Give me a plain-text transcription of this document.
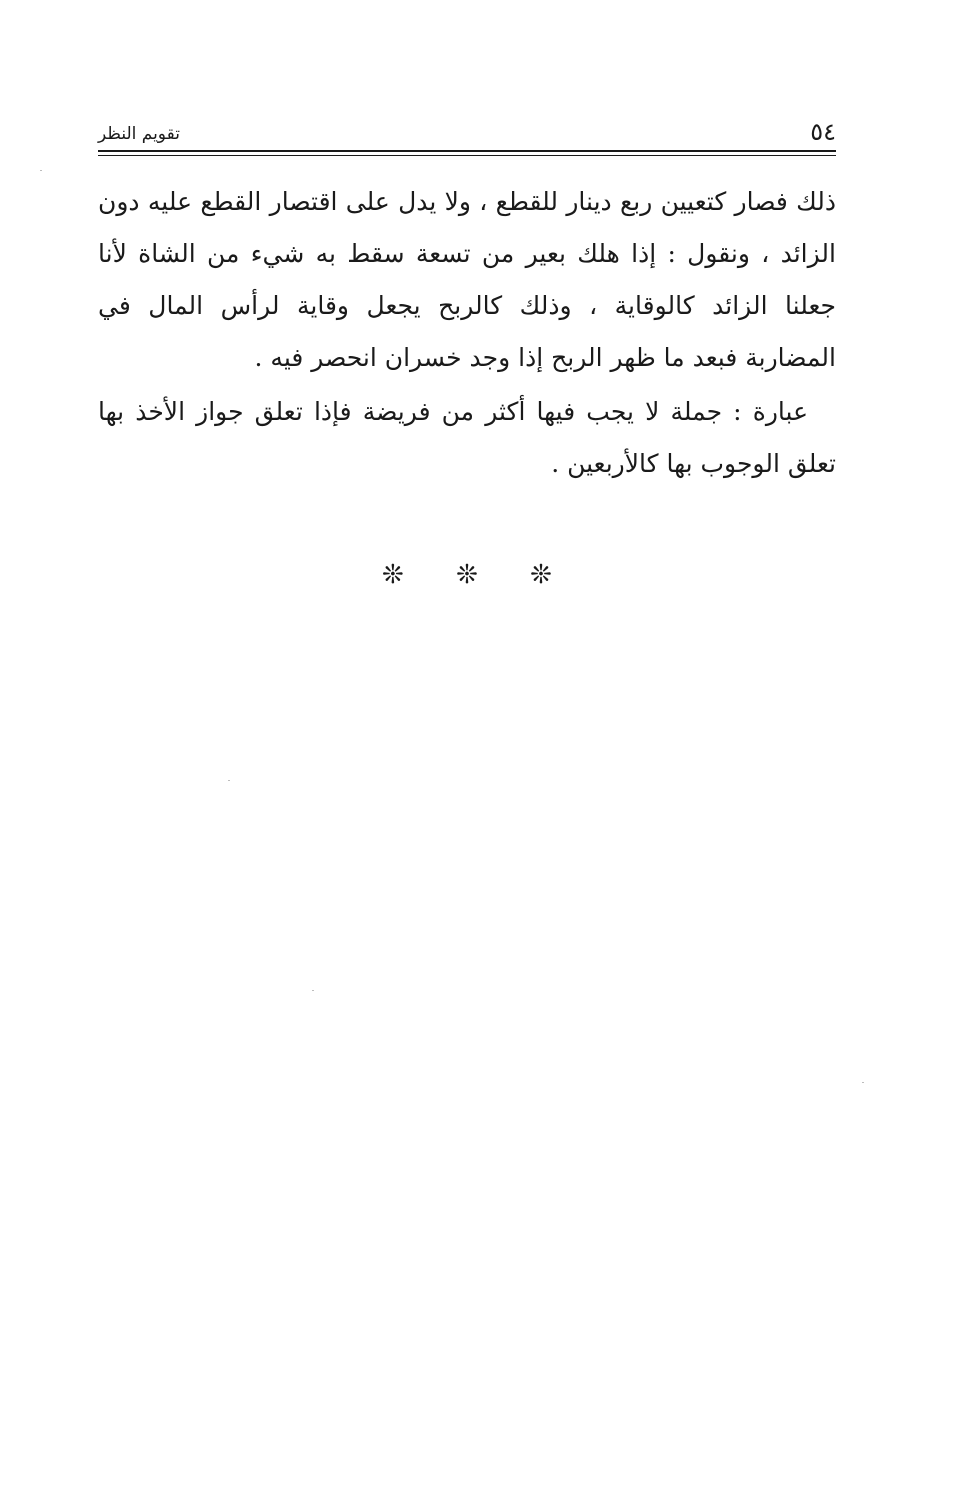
٥٤
تقويم النظر

ذلك فصار كتعيين ربع دينار للقطع ، ولا يدل على اقتصار القطع عليه دون الزائد ، ونقول : إذا هلك بعير من تسعة سقط به شيء من الشاة لأنا جعلنا الزائد كالوقاية ، وذلك كالربح يجعل وقاية لرأس المال في المضاربة فبعد ما ظهر الربح إذا وجد خسران انحصر فيه .

عبارة : جملة لا يجب فيها أكثر من فريضة فإذا تعلق جواز الأخذ بها تعلق الوجوب بها كالأربعين .

❊ ❊ ❊
